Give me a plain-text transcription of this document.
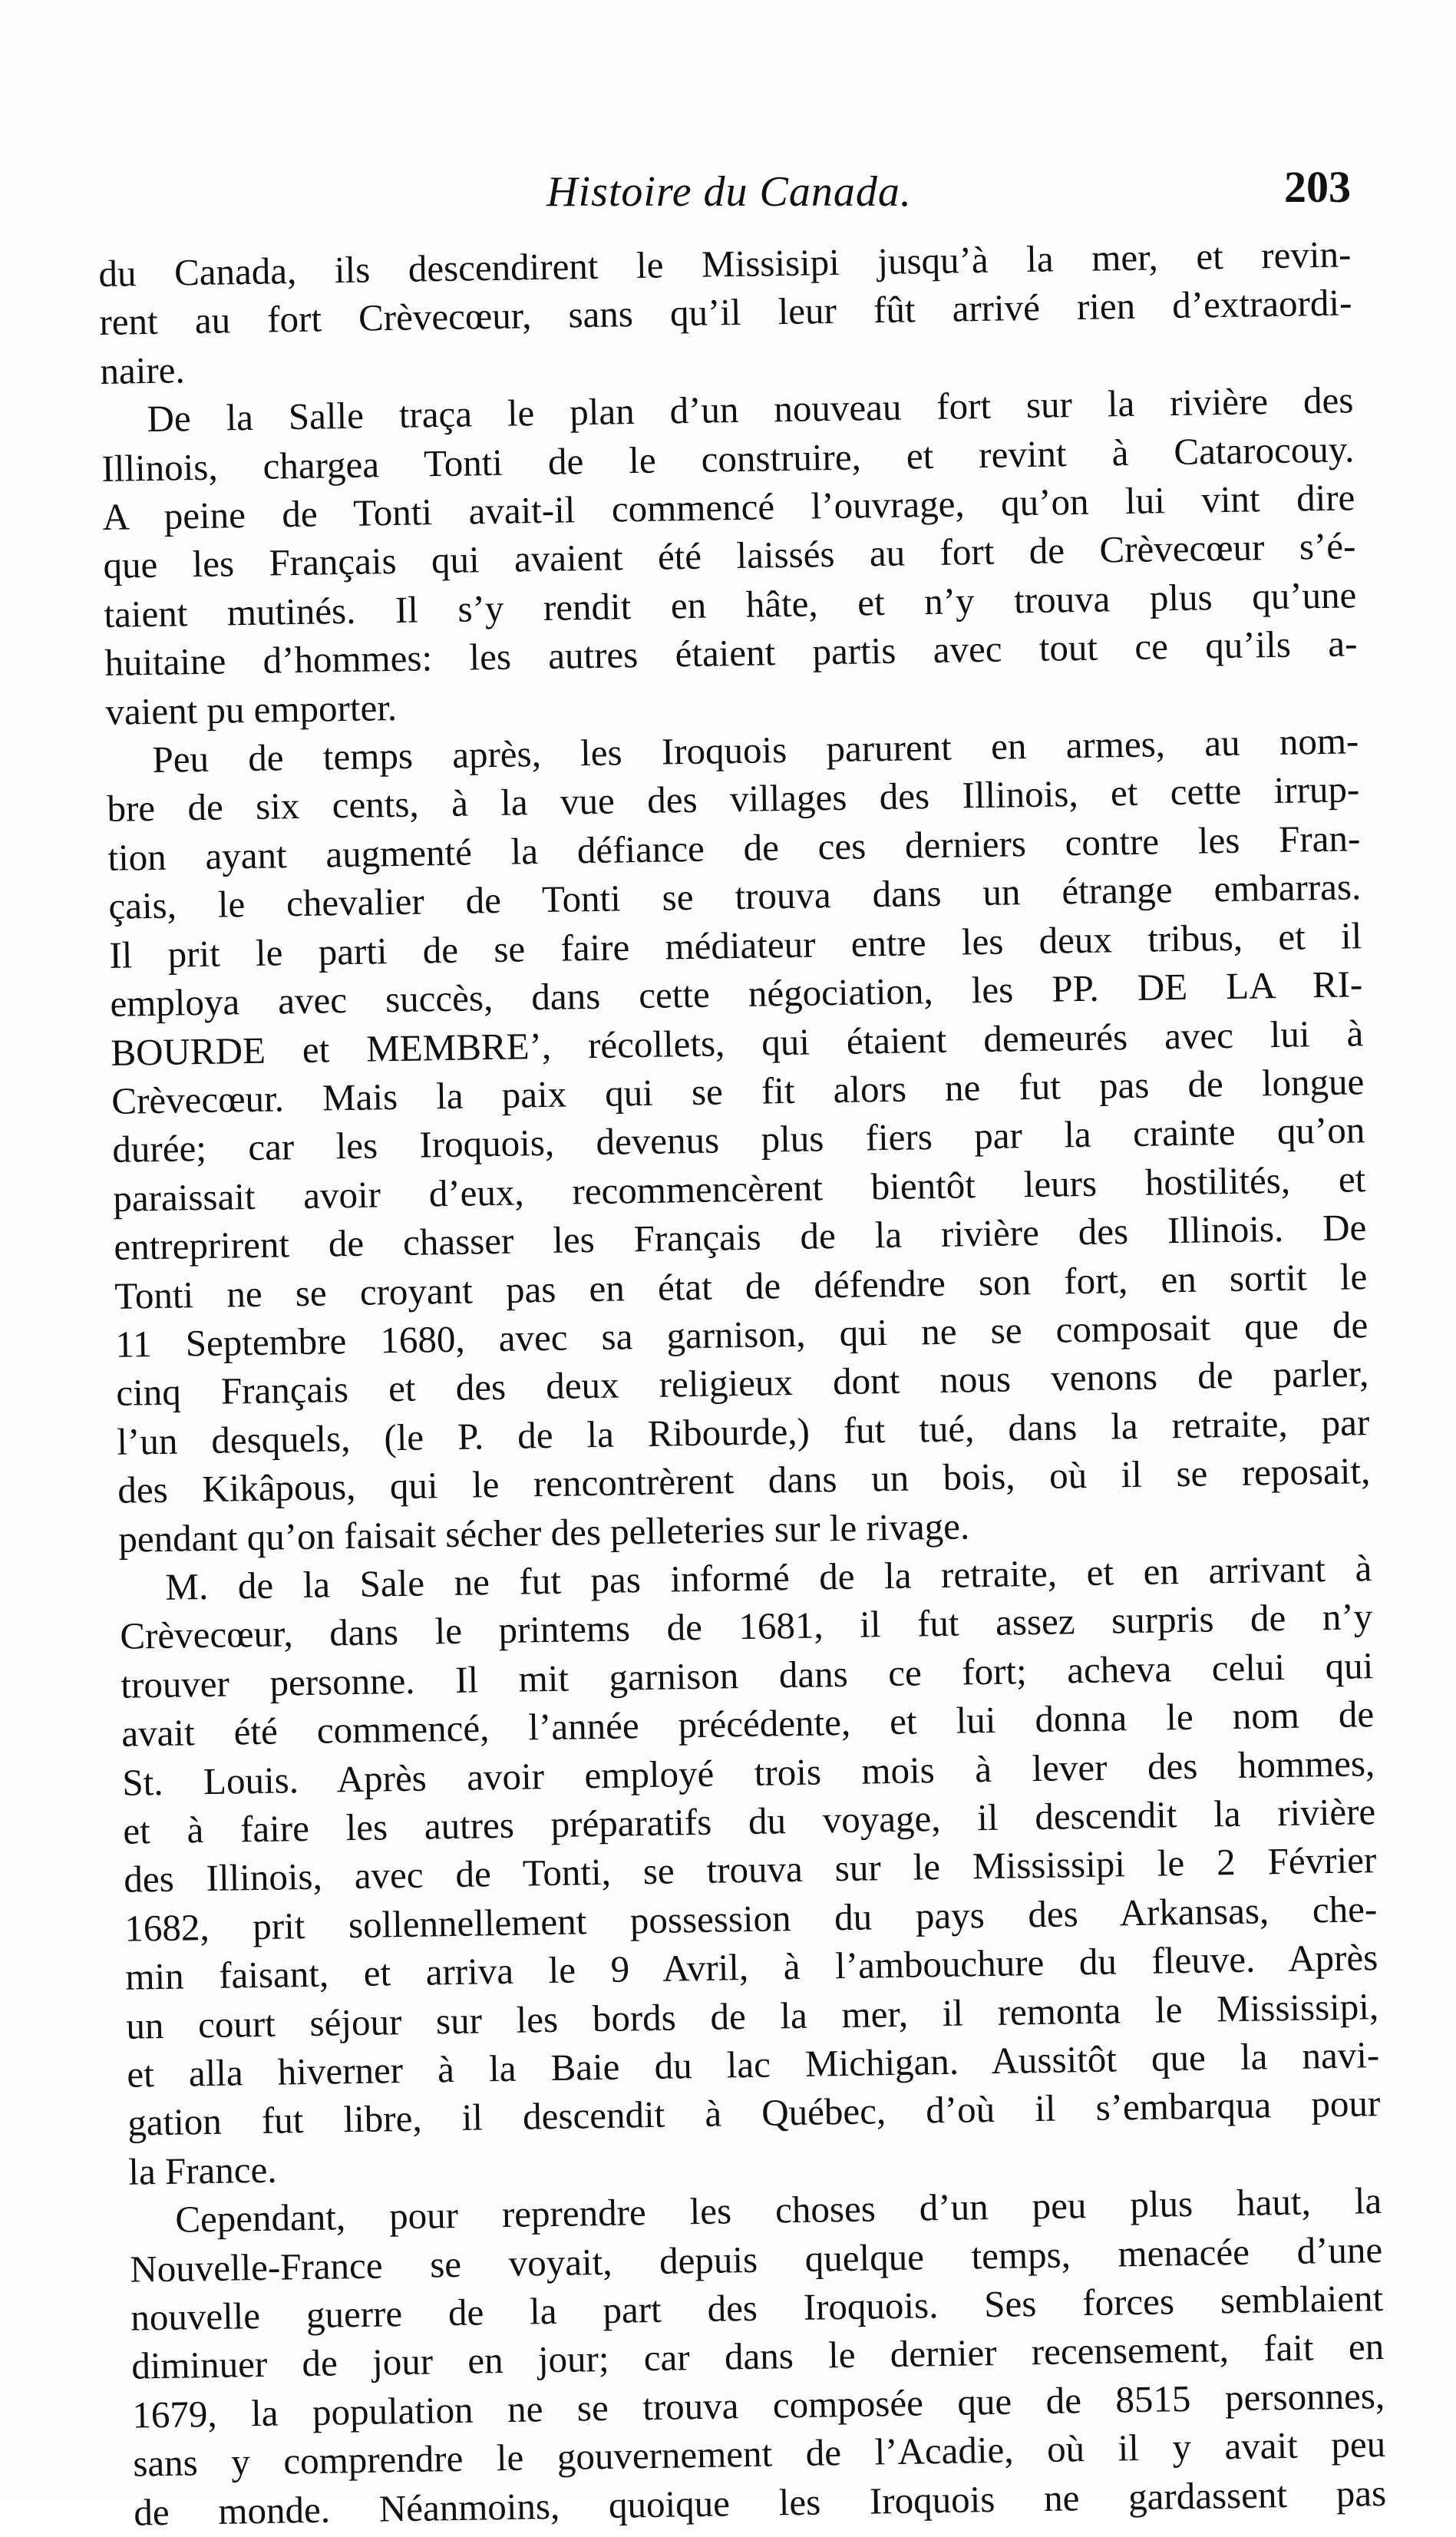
Histoire du Canada.	203
du Canada, ils descendirent le Missisipi jusqu’à la mer, et revin-
rent au fort Crèvecœur, sans qu’il leur fût arrivé rien d’extraordi-
naire.
De la Salle traça le plan d’un nouveau fort sur la rivière des
Illinois, chargea Tonti de le construire, et revint à Catarocouy.
A peine de Tonti avait-il commencé l’ouvrage, qu’on lui vint dire
que les Français qui avaient été laissés au fort de Crèvecœur s’é-
taient mutinés. Il s’y rendit en hâte, et n’y trouva plus qu’une
huitaine d’hommes: les autres étaient partis avec tout ce qu’ils a-
vaient pu emporter.
Peu de temps après, les Iroquois parurent en armes, au nom-
bre de six cents, à la vue des villages des Illinois, et cette irrup-
tion ayant augmenté la défiance de ces derniers contre les Fran-
çais, le chevalier de Tonti se trouva dans un étrange embarras.
Il prit le parti de se faire médiateur entre les deux tribus, et il
employa avec succès, dans cette négociation, les PP. DE LA RI-
BOURDE et MEMBRE’, récollets, qui étaient demeurés avec lui à
Crèvecœur. Mais la paix qui se fit alors ne fut pas de longue
durée; car les Iroquois, devenus plus fiers par la crainte qu’on
paraissait avoir d’eux, recommencèrent bientôt leurs hostilités, et
entreprirent de chasser les Français de la rivière des Illinois. De
Tonti ne se croyant pas en état de défendre son fort, en sortit le
11 Septembre 1680, avec sa garnison, qui ne se composait que de
cinq Français et des deux religieux dont nous venons de parler,
l’un desquels, (le P. de la Ribourde,) fut tué, dans la retraite, par
des Kikâpous, qui le rencontrèrent dans un bois, où il se reposait,
pendant qu’on faisait sécher des pelleteries sur le rivage.
M. de la Sale ne fut pas informé de la retraite, et en arrivant à
Crèvecœur, dans le printems de 1681, il fut assez surpris de n’y
trouver personne. Il mit garnison dans ce fort; acheva celui qui
avait été commencé, l’année précédente, et lui donna le nom de
St. Louis. Après avoir employé trois mois à lever des hommes,
et à faire les autres préparatifs du voyage, il descendit la rivière
des Illinois, avec de Tonti, se trouva sur le Mississipi le 2 Février
1682, prit sollennellement possession du pays des Arkansas, che-
min faisant, et arriva le 9 Avril, à l’ambouchure du fleuve. Après
un court séjour sur les bords de la mer, il remonta le Mississipi,
et alla hiverner à la Baie du lac Michigan. Aussitôt que la navi-
gation fut libre, il descendit à Québec, d’où il s’embarqua pour
la France.
Cependant, pour reprendre les choses d’un peu plus haut, la
Nouvelle-France se voyait, depuis quelque temps, menacée d’une
nouvelle guerre de la part des Iroquois. Ses forces semblaient
diminuer de jour en jour; car dans le dernier recensement, fait en
1679, la population ne se trouva composée que de 8515 personnes,
sans y comprendre le gouvernement de l’Acadie, où il y avait peu
de monde. Néanmoins, quoique les Iroquois ne gardassent pas
